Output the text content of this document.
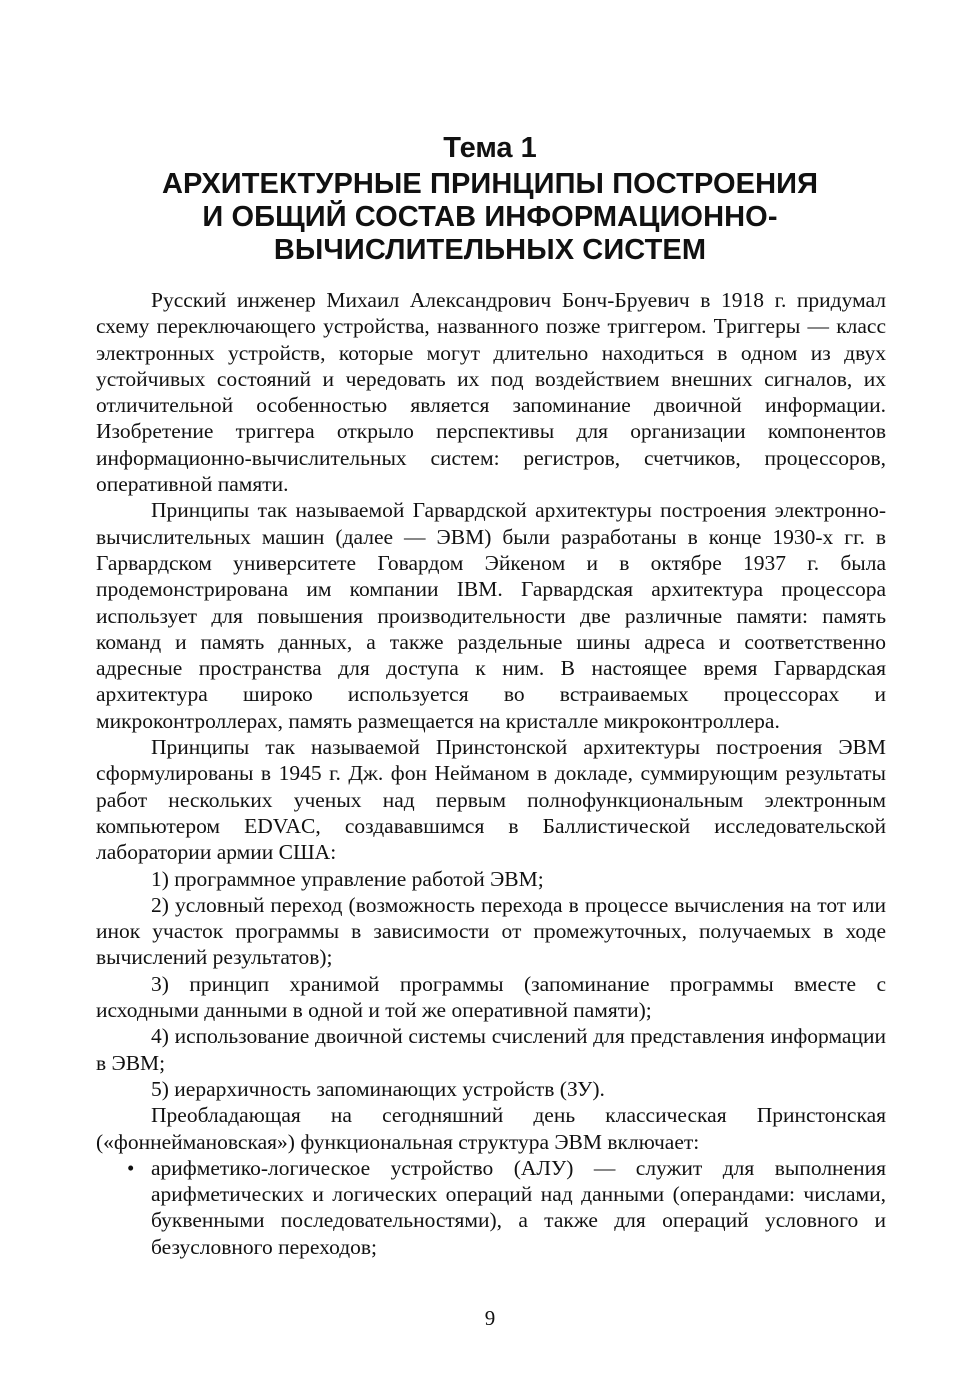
Тема 1
АРХИТЕКТУРНЫЕ ПРИНЦИПЫ ПОСТРОЕНИЯ
И ОБЩИЙ СОСТАВ ИНФОРМАЦИОННО-
ВЫЧИСЛИТЕЛЬНЫХ СИСТЕМ

Русский инженер Михаил Александрович Бонч-Бруевич в 1918 г. придумал схему переключающего устройства, названного позже триггером. Триггеры — класс электронных устройств, которые могут длительно находиться в одном из двух устойчивых состояний и чередовать их под воздействием внешних сигналов, их отличительной особенностью является запоминание двоичной информации. Изобретение триггера открыло перспективы для организации компонентов информационно-вычислительных систем: регистров, счетчиков, процессоров, оперативной памяти.

Принципы так называемой Гарвардской архитектуры построения электронно-вычислительных машин (далее — ЭВМ) были разработаны в конце 1930-х гг. в Гарвардском университете Говардом Эйкеном и в октябре 1937 г. была продемонстрирована им компании IBM. Гарвардская архитектура процессора использует для повышения производительности две различные памяти: память команд и память данных, а также раздельные шины адреса и соответственно адресные пространства для доступа к ним. В настоящее время Гарвардская архитектура широко используется во встраиваемых процессорах и микроконтроллерах, память размещается на кристалле микроконтроллера.

Принципы так называемой Принстонской архитектуры построения ЭВМ сформулированы в 1945 г. Дж. фон Нейманом в докладе, суммирующим результаты работ нескольких ученых над первым полнофункциональным электронным компьютером EDVAC, создававшимся в Баллистической исследовательской лаборатории армии США:

1) программное управление работой ЭВМ;

2) условный переход (возможность перехода в процессе вычисления на тот или инок участок программы в зависимости от промежуточных, получаемых в ходе вычислений результатов);

3) принцип хранимой программы (запоминание программы вместе с исходными данными в одной и той же оперативной памяти);

4) использование двоичной системы счислений для представления информации в ЭВМ;

5) иерархичность запоминающих устройств (ЗУ).

Преобладающая на сегодняшний день классическая Принстонская («фоннеймановская») функциональная структура ЭВМ включает:

• арифметико-логическое устройство (АЛУ) — служит для выполнения арифметических и логических операций над данными (операндами: числами, буквенными последовательностями), а также для операций условного и безусловного переходов;
9
